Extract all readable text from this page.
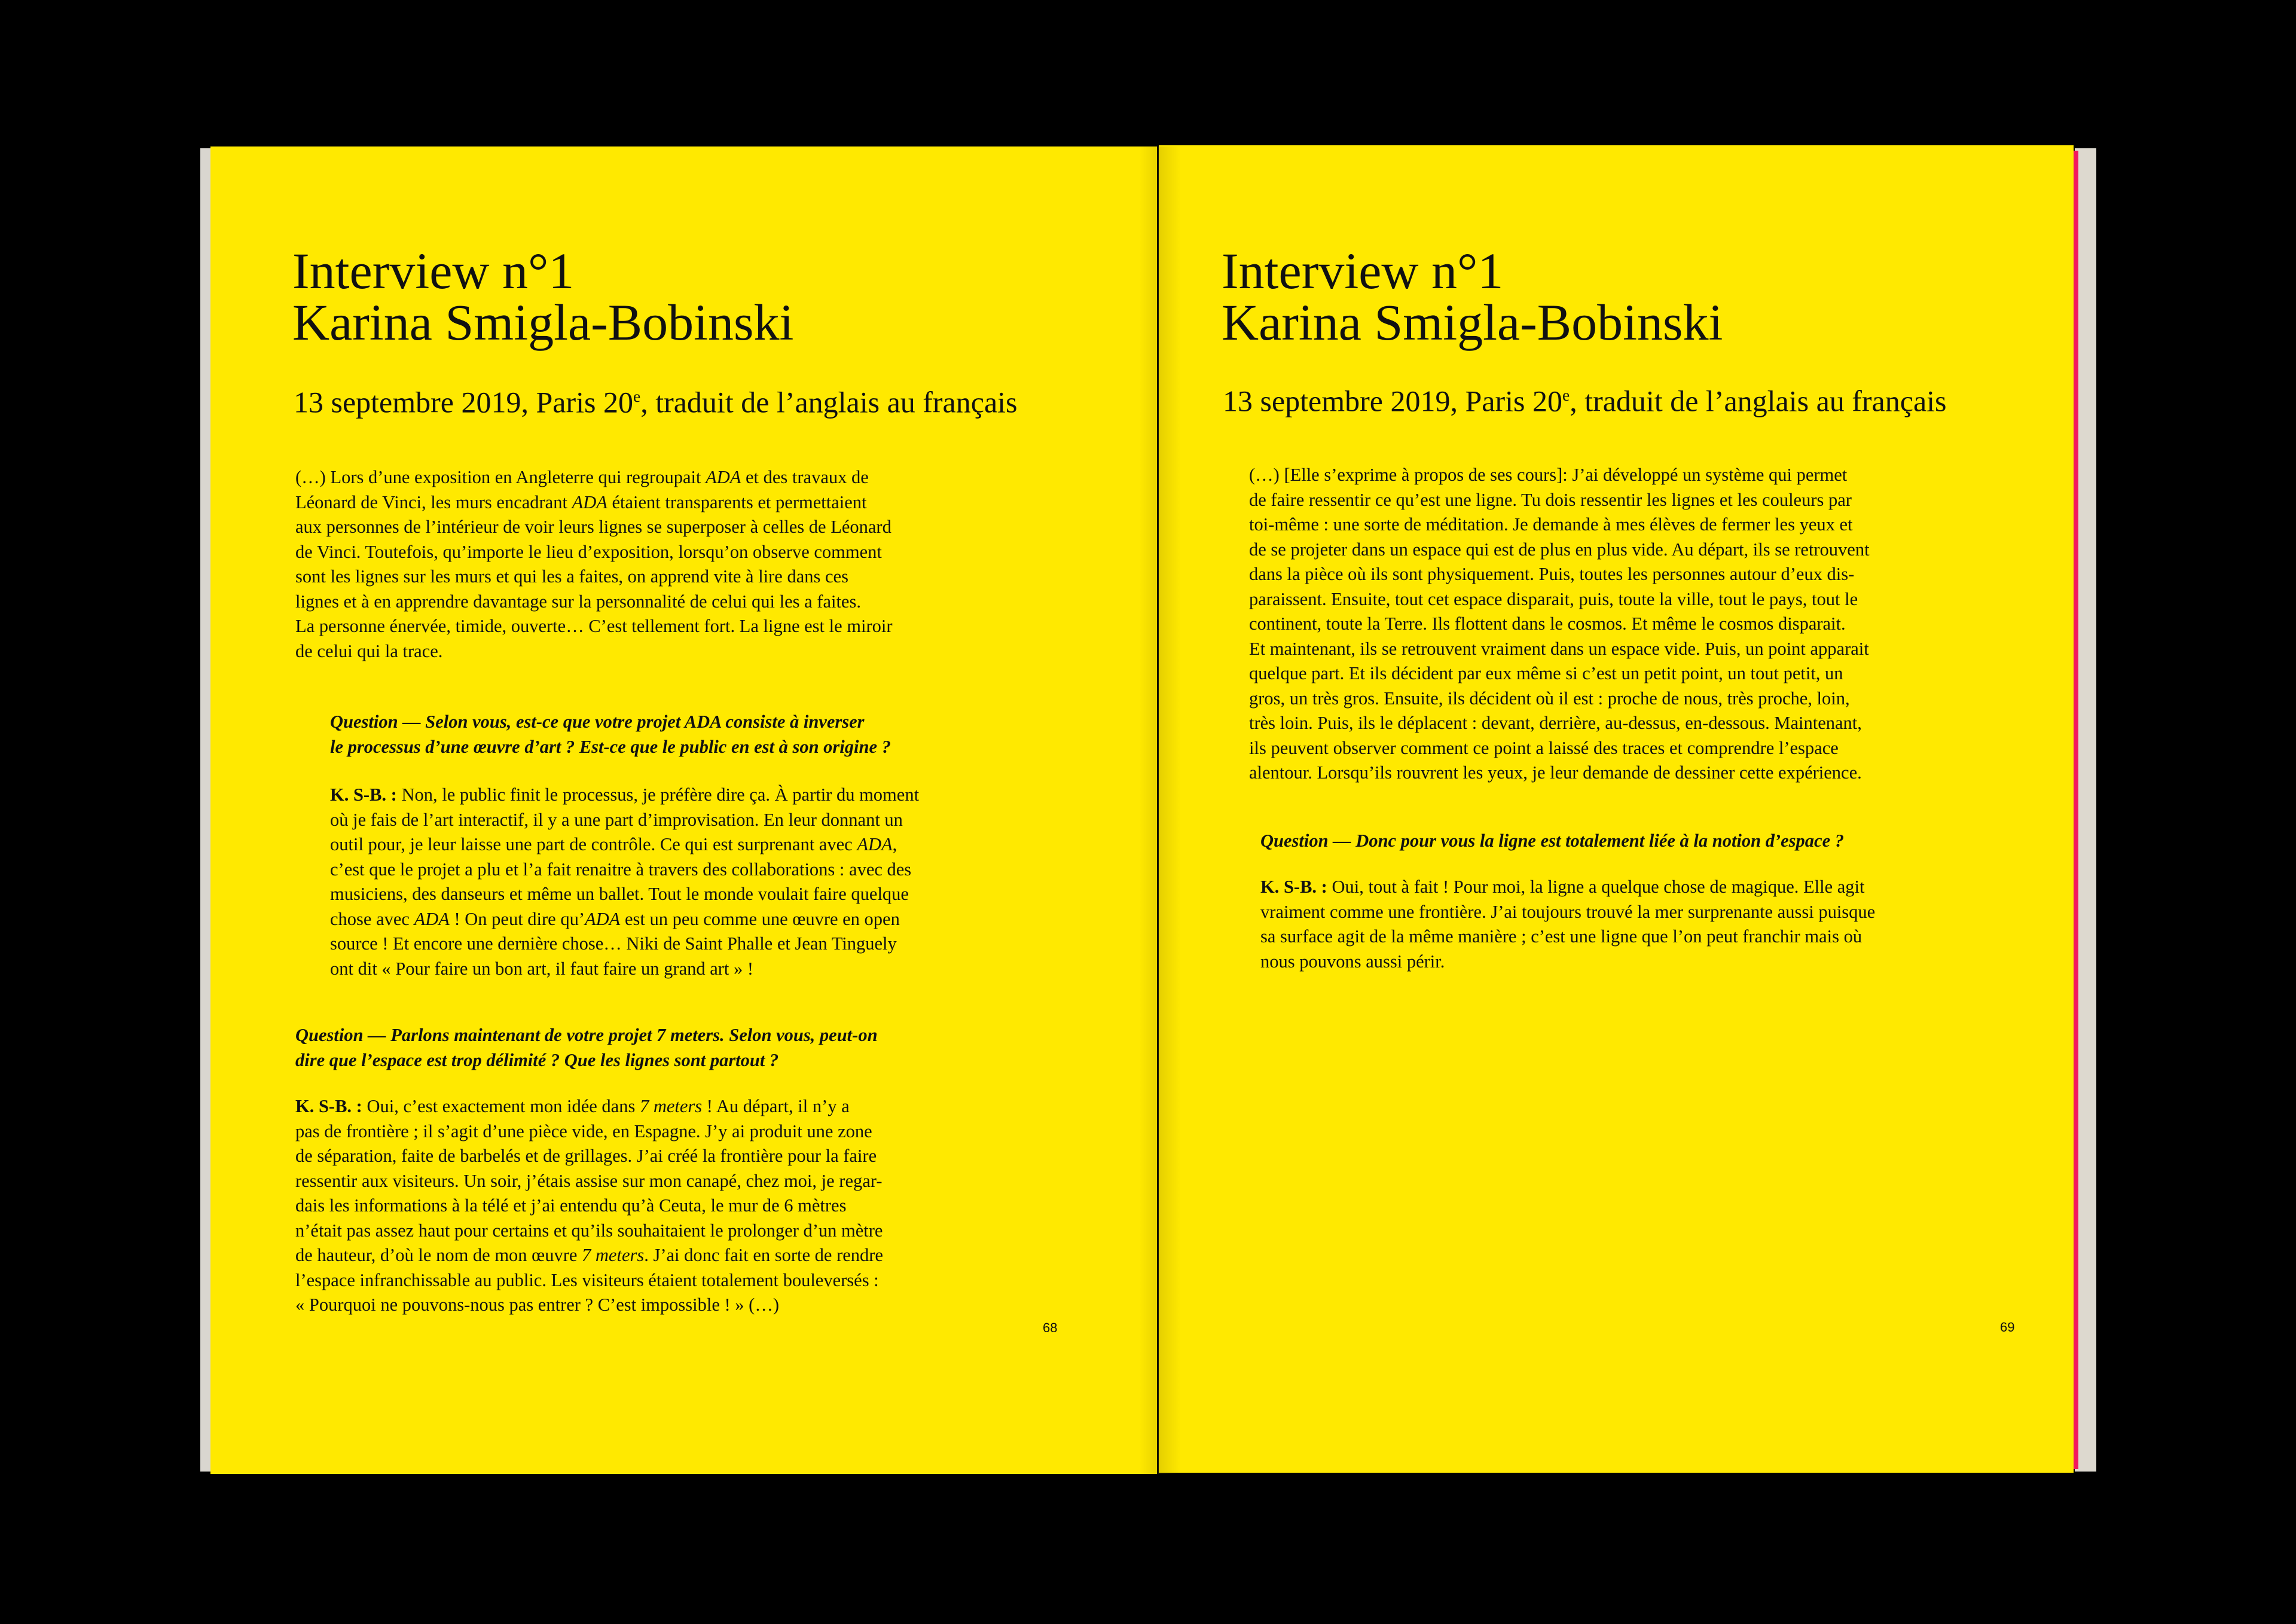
Interview n°1
Karina Smigla-Bobinski
13 septembre 2019, Paris 20e, traduit de l’anglais au français

(…) Lors d’une exposition en Angleterre qui regroupait ADA et des travaux de

Léonard de Vinci, les murs encadrant ADA étaient transparents et permettaient

aux personnes de l’intérieur de voir leurs lignes se superposer à celles de Léonard

de Vinci. Toutefois, qu’importe le lieu d’exposition, lorsqu’on observe comment

sont les lignes sur les murs et qui les a faites, on apprend vite à lire dans ces

lignes et à en apprendre davantage sur la personnalité de celui qui les a faites.

La personne énervée, timide, ouverte… C’est tellement fort. La ligne est le miroir

de celui qui la trace.

Question — Selon vous, est-ce que votre projet ADA consiste à inverser

le processus d’une œuvre d’art ? Est-ce que le public en est à son origine ?

K. S-B. : Non, le public finit le processus, je préfère dire ça. À partir du moment

où je fais de l’art interactif, il y a une part d’improvisation. En leur donnant un

outil pour, je leur laisse une part de contrôle. Ce qui est surprenant avec ADA,

c’est que le projet a plu et l’a fait renaitre à travers des collaborations : avec des

musiciens, des danseurs et même un ballet. Tout le monde voulait faire quelque

chose avec ADA ! On peut dire qu’ADA est un peu comme une œuvre en open

source ! Et encore une dernière chose… Niki de Saint Phalle et Jean Tinguely

ont dit « Pour faire un bon art, il faut faire un grand art » !

Question — Parlons maintenant de votre projet 7 meters. Selon vous, peut-on

dire que l’espace est trop délimité ? Que les lignes sont partout ?

K. S-B. : Oui, c’est exactement mon idée dans 7 meters ! Au départ, il n’y a

pas de frontière ; il s’agit d’une pièce vide, en Espagne. J’y ai produit une zone

de séparation, faite de barbelés et de grillages. J’ai créé la frontière pour la faire

ressentir aux visiteurs. Un soir, j’étais assise sur mon canapé, chez moi, je regar-

dais les informations à la télé et j’ai entendu qu’à Ceuta, le mur de 6 mètres

n’était pas assez haut pour certains et qu’ils souhaitaient le prolonger d’un mètre

de hauteur, d’où le nom de mon œuvre 7 meters. J’ai donc fait en sorte de rendre

l’espace infranchissable au public. Les visiteurs étaient totalement bouleversés :

« Pourquoi ne pouvons-nous pas entrer ? C’est impossible ! » (…)

68
Interview n°1
Karina Smigla-Bobinski
13 septembre 2019, Paris 20e, traduit de l’anglais au français

(…) [Elle s’exprime à propos de ses cours]: J’ai développé un système qui permet

de faire ressentir ce qu’est une ligne. Tu dois ressentir les lignes et les couleurs par

toi-même : une sorte de méditation. Je demande à mes élèves de fermer les yeux et

de se projeter dans un espace qui est de plus en plus vide. Au départ, ils se retrouvent

dans la pièce où ils sont physiquement. Puis, toutes les personnes autour d’eux dis-

paraissent. Ensuite, tout cet espace disparait, puis, toute la ville, tout le pays, tout le

continent, toute la Terre. Ils flottent dans le cosmos. Et même le cosmos disparait.

Et maintenant, ils se retrouvent vraiment dans un espace vide. Puis, un point apparait

quelque part. Et ils décident par eux même si c’est un petit point, un tout petit, un

gros, un très gros. Ensuite, ils décident où il est : proche de nous, très proche, loin,

très loin. Puis, ils le déplacent : devant, derrière, au-dessus, en-dessous. Maintenant,

ils peuvent observer comment ce point a laissé des traces et comprendre l’espace

alentour. Lorsqu’ils rouvrent les yeux, je leur demande de dessiner cette expérience.

Question — Donc pour vous la ligne est totalement liée à la notion d’espace ?

K. S-B. : Oui, tout à fait ! Pour moi, la ligne a quelque chose de magique. Elle agit

vraiment comme une frontière. J’ai toujours trouvé la mer surprenante aussi puisque

sa surface agit de la même manière ; c’est une ligne que l’on peut franchir mais où

nous pouvons aussi périr.

69
